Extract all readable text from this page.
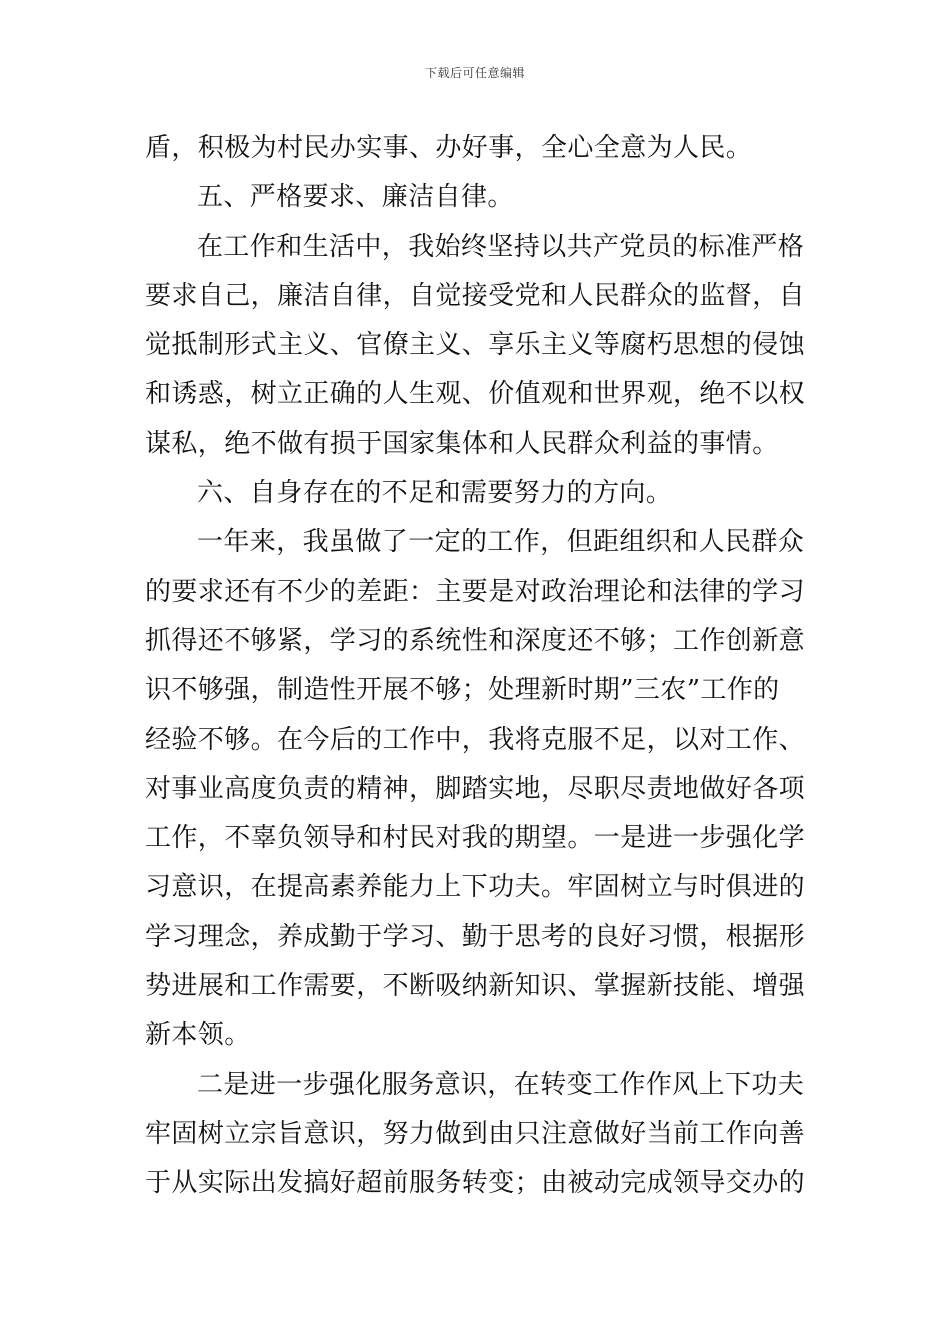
下载后可任意编辑
盾，积极为村民办实事、办好事，全心全意为人民。
五、严格要求、廉洁自律。
在工作和生活中，我始终坚持以共产党员的标准严格
要求自己，廉洁自律，自觉接受党和人民群众的监督，自
觉抵制形式主义、官僚主义、享乐主义等腐朽思想的侵蚀
和诱惑，树立正确的人生观、价值观和世界观，绝不以权
谋私，绝不做有损于国家集体和人民群众利益的事情。
六、自身存在的不足和需要努力的方向。
一年来，我虽做了一定的工作，但距组织和人民群众
的要求还有不少的差距：主要是对政治理论和法律的学习
抓得还不够紧，学习的系统性和深度还不够；工作创新意
识不够强，制造性开展不够；处理新时期”三农”工作的
经验不够。在今后的工作中，我将克服不足，以对工作、
对事业高度负责的精神，脚踏实地，尽职尽责地做好各项
工作，不辜负领导和村民对我的期望。一是进一步强化学
习意识，在提高素养能力上下功夫。牢固树立与时俱进的
学习理念，养成勤于学习、勤于思考的良好习惯，根据形
势进展和工作需要，不断吸纳新知识、掌握新技能、增强
新本领。
二是进一步强化服务意识，在转变工作作风上下功夫
牢固树立宗旨意识，努力做到由只注意做好当前工作向善
于从实际出发搞好超前服务转变；由被动完成领导交办的
